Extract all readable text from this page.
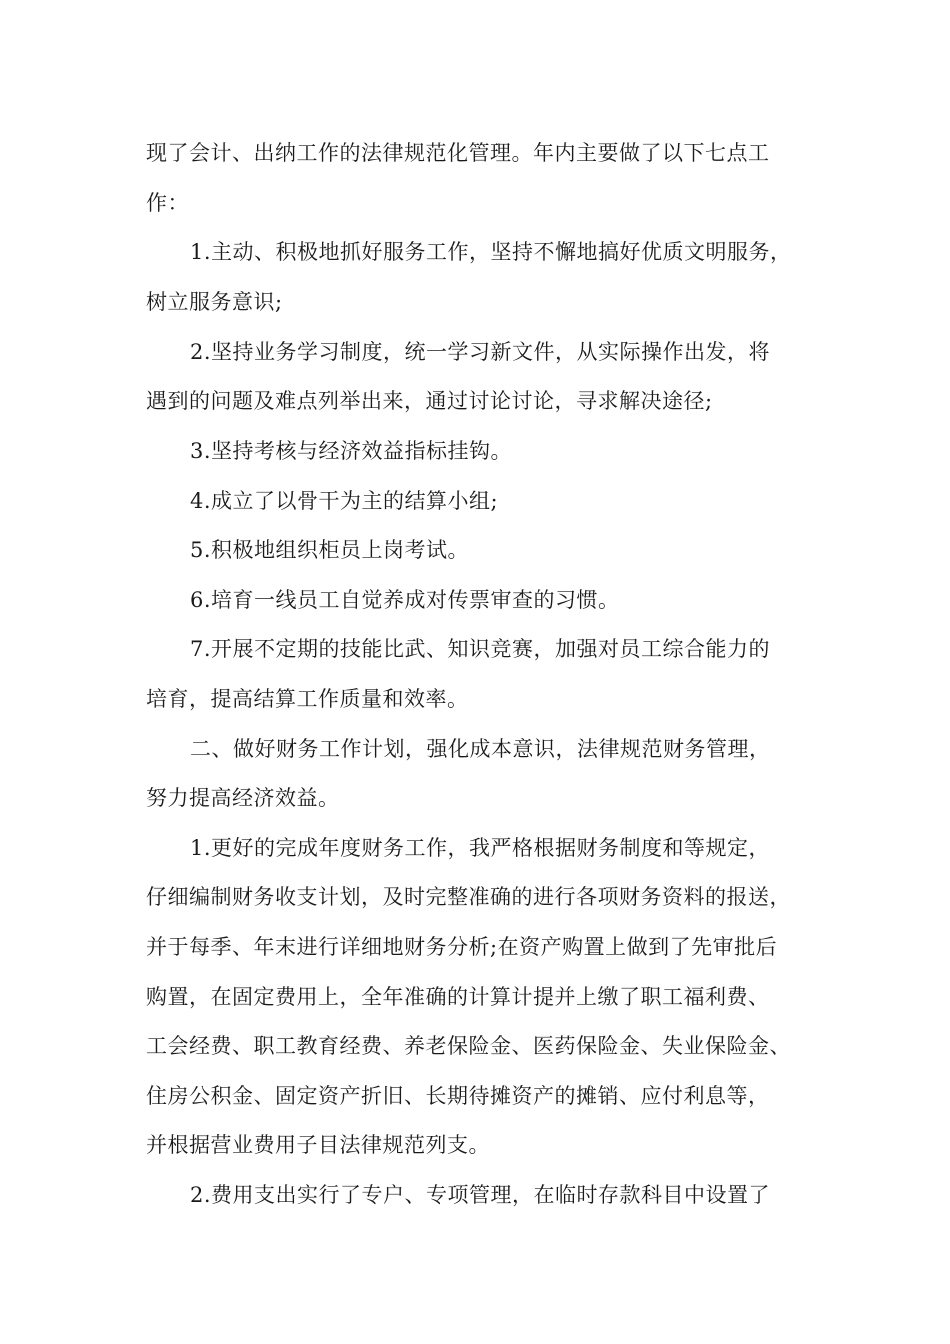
现了会计、出纳工作的法律规范化管理。年内主要做了以下七点工
作：
1.主动、积极地抓好服务工作，坚持不懈地搞好优质文明服务，
树立服务意识;
2.坚持业务学习制度，统一学习新文件，从实际操作出发，将
遇到的问题及难点列举出来，通过讨论讨论，寻求解决途径;
3.坚持考核与经济效益指标挂钩。
4.成立了以骨干为主的结算小组;
5.积极地组织柜员上岗考试。
6.培育一线员工自觉养成对传票审查的习惯。
7.开展不定期的技能比武、知识竞赛，加强对员工综合能力的
培育，提高结算工作质量和效率。
二、做好财务工作计划，强化成本意识，法律规范财务管理，
努力提高经济效益。
1.更好的完成年度财务工作，我严格根据财务制度和等规定，
仔细编制财务收支计划，及时完整准确的进行各项财务资料的报送，
并于每季、年末进行详细地财务分析;在资产购置上做到了先审批后
购置，在固定费用上，全年准确的计算计提并上缴了职工福利费、
工会经费、职工教育经费、养老保险金、医药保险金、失业保险金、
住房公积金、固定资产折旧、长期待摊资产的摊销、应付利息等，
并根据营业费用子目法律规范列支。
2.费用支出实行了专户、专项管理，在临时存款科目中设置了
